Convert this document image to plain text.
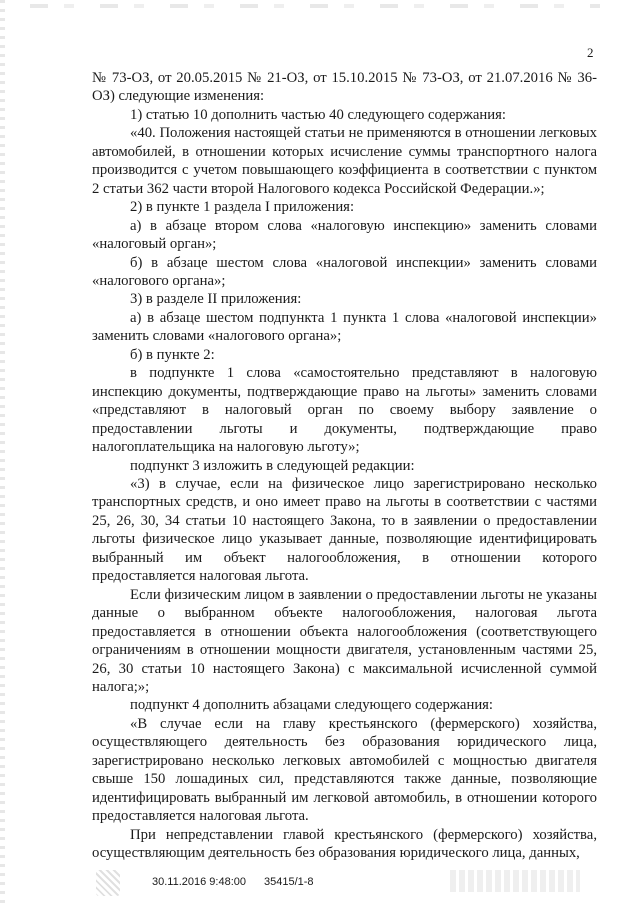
2

№ 73-ОЗ, от 20.05.2015 № 21-ОЗ, от 15.10.2015 № 73-ОЗ, от 21.07.2016 № 36-ОЗ) следующие изменения:

1) статью 10 дополнить частью 40 следующего содержания:

«40. Положения настоящей статьи не применяются в отношении легковых автомобилей, в отношении которых исчисление суммы транспортного налога производится с учетом повышающего коэффициента в соответствии с пунктом 2 статьи 362 части второй Налогового кодекса Российской Федерации.»;

2) в пункте 1 раздела I приложения:

а) в абзаце втором слова «налоговую инспекцию» заменить словами «налоговый орган»;

б) в абзаце шестом слова «налоговой инспекции» заменить словами «налогового органа»;

3) в разделе II приложения:

а) в абзаце шестом подпункта 1 пункта 1 слова «налоговой инспекции» заменить словами «налогового органа»;

б) в пункте 2:

в подпункте 1 слова «самостоятельно представляют в налоговую инспекцию документы, подтверждающие право на льготы» заменить словами «представляют в налоговый орган по своему выбору заявление о предоставлении льготы и документы, подтверждающие право налогоплательщика на налоговую льготу»;

подпункт 3 изложить в следующей редакции:

«3) в случае, если на физическое лицо зарегистрировано несколько транспортных средств, и оно имеет право на льготы в соответствии с частями 25, 26, 30, 34 статьи 10 настоящего Закона, то в заявлении о предоставлении льготы физическое лицо указывает данные, позволяющие идентифицировать выбранный им объект налогообложения, в отношении которого предоставляется налоговая льгота.

Если физическим лицом в заявлении о предоставлении льготы не указаны данные о выбранном объекте налогообложения, налоговая льгота предоставляется в отношении объекта налогообложения (соответствующего ограничениям в отношении мощности двигателя, установленным частями 25, 26, 30 статьи 10 настоящего Закона) с максимальной исчисленной суммой налога;»;

подпункт 4 дополнить абзацами следующего содержания:

«В случае если на главу крестьянского (фермерского) хозяйства, осуществляющего деятельность без образования юридического лица, зарегистрировано несколько легковых автомобилей с мощностью двигателя свыше 150 лошадиных сил, представляются также данные, позволяющие идентифицировать выбранный им легковой автомобиль, в отношении которого предоставляется налоговая льгота.

При непредставлении главой крестьянского (фермерского) хозяйства, осуществляющим деятельность без образования юридического лица, данных,

30.11.2016 9:48:00 35415/1-8
